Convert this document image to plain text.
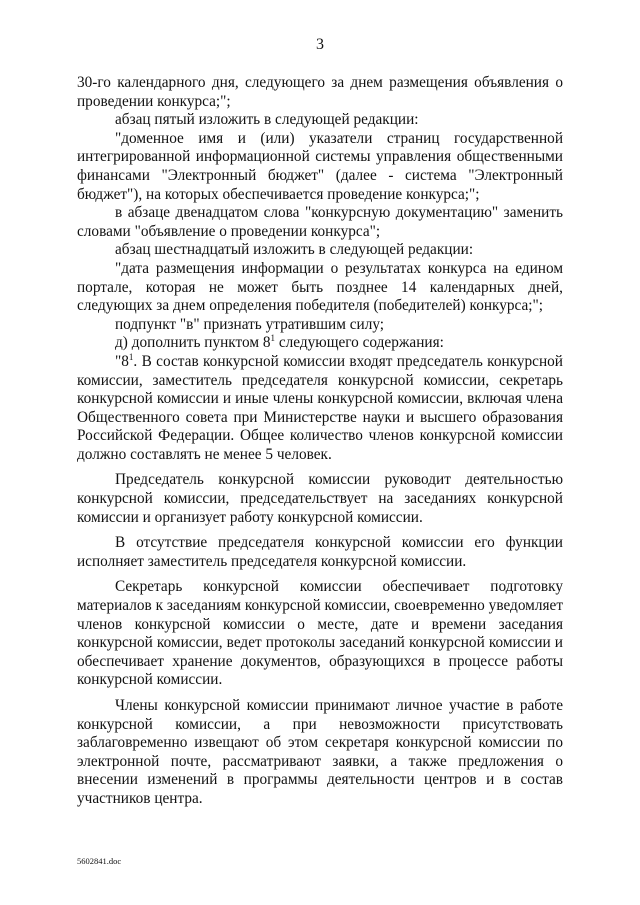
3

30-го календарного дня, следующего за днем размещения объявления о проведении конкурса;";

абзац пятый изложить в следующей редакции:

"доменное имя и (или) указатели страниц государственной интегрированной информационной системы управления общественными финансами "Электронный бюджет" (далее - система "Электронный бюджет"), на которых обеспечивается проведение конкурса;";

в абзаце двенадцатом слова "конкурсную документацию" заменить словами "объявление о проведении конкурса";

абзац шестнадцатый изложить в следующей редакции:

"дата размещения информации о результатах конкурса на едином портале, которая не может быть позднее 14 календарных дней, следующих за днем определения победителя (победителей) конкурса;";

подпункт "в" признать утратившим силу;

д) дополнить пунктом $8^1$ следующего содержания:

"$8^1$. В состав конкурсной комиссии входят председатель конкурсной комиссии, заместитель председателя конкурсной комиссии, секретарь конкурсной комиссии и иные члены конкурсной комиссии, включая члена Общественного совета при Министерстве науки и высшего образования Российской Федерации. Общее количество членов конкурсной комиссии должно составлять не менее 5 человек.

Председатель конкурсной комиссии руководит деятельностью конкурсной комиссии, председательствует на заседаниях конкурсной комиссии и организует работу конкурсной комиссии.

В отсутствие председателя конкурсной комиссии его функции исполняет заместитель председателя конкурсной комиссии.

Секретарь конкурсной комиссии обеспечивает подготовку материалов к заседаниям конкурсной комиссии, своевременно уведомляет членов конкурсной комиссии о месте, дате и времени заседания конкурсной комиссии, ведет протоколы заседаний конкурсной комиссии и обеспечивает хранение документов, образующихся в процессе работы конкурсной комиссии.

Члены конкурсной комиссии принимают личное участие в работе конкурсной комиссии, а при невозможности присутствовать заблаговременно извещают об этом секретаря конкурсной комиссии по электронной почте, рассматривают заявки, а также предложения о внесении изменений в программы деятельности центров и в состав участников центра.

5602841.doc
